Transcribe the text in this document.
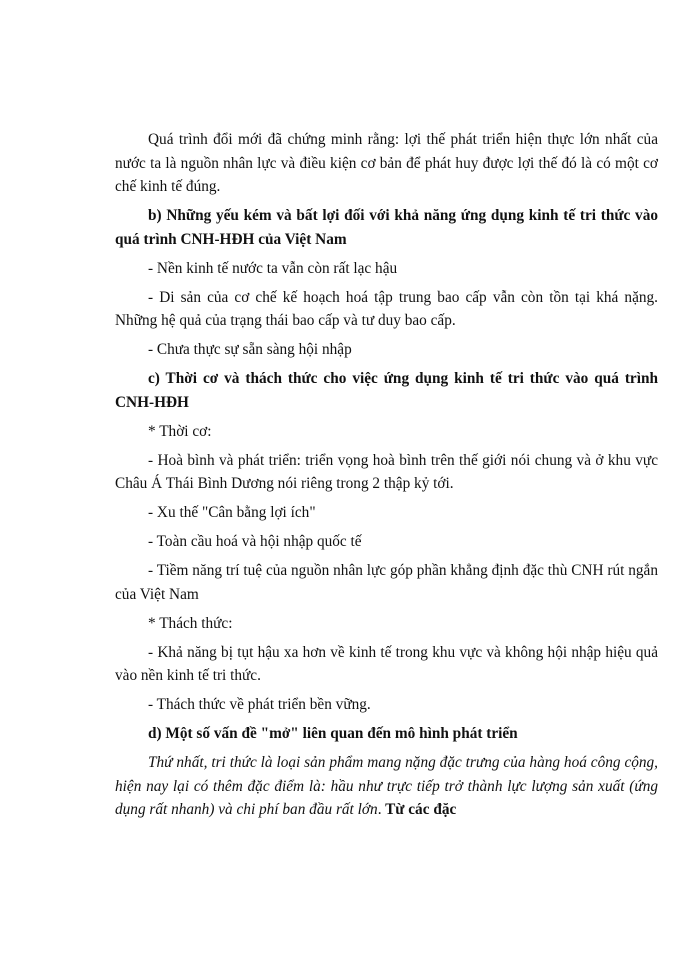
Quá trình đổi mới đã chứng minh rằng: lợi thế phát triển hiện thực lớn nhất của nước ta là nguồn nhân lực và điều kiện cơ bản để phát huy được lợi thế đó là có một cơ chế kinh tế đúng.

b) Những yếu kém và bất lợi đối với khả năng ứng dụng kinh tế tri thức vào quá trình CNH-HĐH của Việt Nam

- Nền kinh tế nước ta vẫn còn rất lạc hậu

- Di sản của cơ chế kế hoạch hoá tập trung bao cấp vẫn còn tồn tại khá nặng. Những hệ quả của trạng thái bao cấp và tư duy bao cấp.

- Chưa thực sự sẵn sàng hội nhập

c) Thời cơ và thách thức cho việc ứng dụng kinh tế tri thức vào quá trình CNH-HĐH

* Thời cơ:

- Hoà bình và phát triển: triển vọng hoà bình trên thế giới nói chung và ở khu vực Châu Á Thái Bình Dương nói riêng trong 2 thập kỷ tới.

- Xu thế "Cân bằng lợi ích"

- Toàn cầu hoá và hội nhập quốc tế

- Tiềm năng trí tuệ của nguồn nhân lực góp phần khẳng định đặc thù CNH rút ngắn của Việt Nam

* Thách thức:

- Khả năng bị tụt hậu xa hơn về kinh tế trong khu vực và không hội nhập hiệu quả vào nền kinh tế tri thức.

- Thách thức về phát triển bền vững.

d) Một số vấn đề "mở" liên quan đến mô hình phát triển

Thứ nhất, tri thức là loại sản phẩm mang nặng đặc trưng của hàng hoá công cộng, hiện nay lại có thêm đặc điểm là: hầu như trực tiếp trở thành lực lượng sản xuất (ứng dụng rất nhanh) và chi phí ban đầu rất lớn. Từ các đặc
